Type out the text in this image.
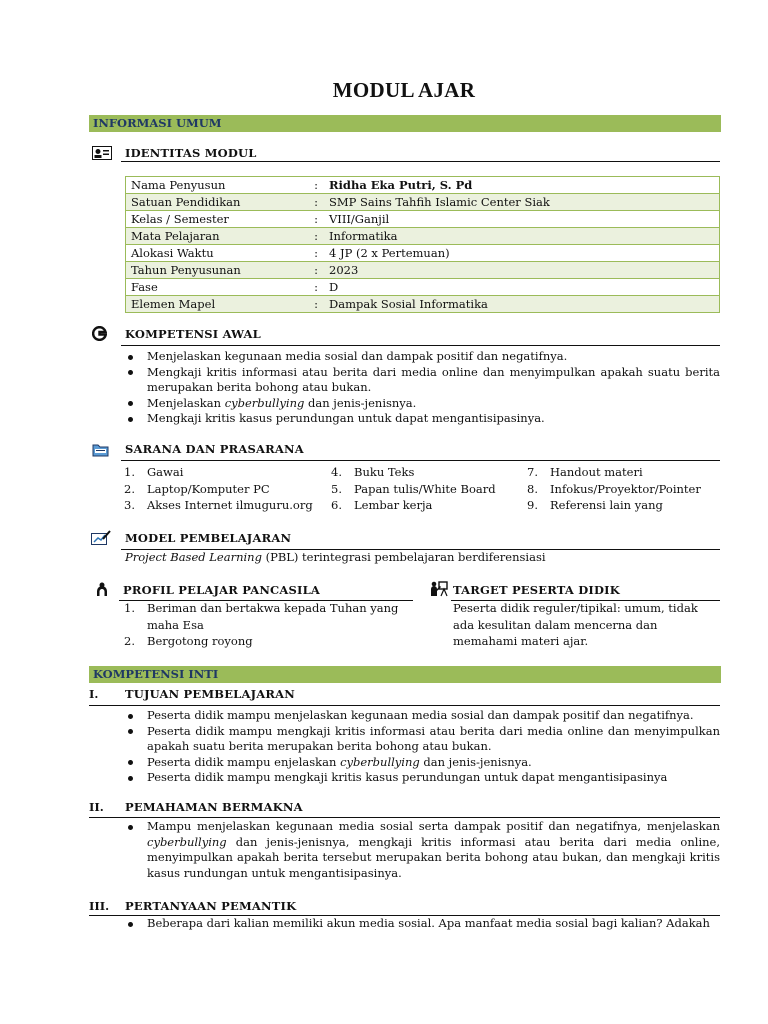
MODUL AJAR
INFORMASI UMUM
IDENTITAS MODUL
Nama Penyusun	:	Ridha Eka Putri, S. Pd
Satuan Pendidikan	:	SMP Sains Tahfih Islamic Center Siak
Kelas / Semester	:	VIII/Ganjil
Mata Pelajaran	:	Informatika
Alokasi Waktu	:	4 JP (2 x Pertemuan)
Tahun Penyusunan	:	2023
Fase	:	D
Elemen Mapel	:	Dampak Sosial Informatika
KOMPETENSI AWAL
Menjelaskan kegunaan media sosial dan dampak positif dan negatifnya.
Mengkaji kritis informasi atau berita dari media online dan menyimpulkan apakah suatu berita merupakan berita bohong atau bukan.
Menjelaskan cyberbullying dan jenis-jenisnya.
Mengkaji kritis kasus perundungan untuk dapat mengantisipasinya.
SARANA DAN PRASARANA
1. Gawai
2. Laptop/Komputer PC
3. Akses Internet ilmuguru.org
4. Buku Teks
5. Papan tulis/White Board
6. Lembar kerja
7. Handout materi
8. Infokus/Proyektor/Pointer
9. Referensi lain yang
MODEL PEMBELAJARAN
Project Based Learning (PBL) terintegrasi pembelajaran berdiferensiasi
PROFIL PELAJAR PANCASILA
1. Beriman dan bertakwa kepada Tuhan yang maha Esa
2. Bergotong royong
TARGET PESERTA DIDIK
Peserta didik reguler/tipikal: umum, tidak ada kesulitan dalam mencerna dan memahami materi ajar.
KOMPETENSI INTI
I. TUJUAN PEMBELAJARAN
Peserta didik mampu menjelaskan kegunaan media sosial dan dampak positif dan negatifnya.
Peserta didik mampu mengkaji kritis informasi atau berita dari media online dan menyimpulkan apakah suatu berita merupakan berita bohong atau bukan.
Peserta didik mampu enjelaskan cyberbullying dan jenis-jenisnya.
Peserta didik mampu mengkaji kritis kasus perundungan untuk dapat mengantisipasinya
II. PEMAHAMAN BERMAKNA
Mampu menjelaskan kegunaan media sosial serta dampak positif dan negatifnya, menjelaskan cyberbullying dan jenis-jenisnya, mengkaji kritis informasi atau berita dari media online, menyimpulkan apakah berita tersebut merupakan berita bohong atau bukan, dan mengkaji kritis kasus rundungan untuk mengantisipasinya.
III. PERTANYAAN PEMANTIK
Beberapa dari kalian memiliki akun media sosial. Apa manfaat media sosial bagi kalian? Adakah
